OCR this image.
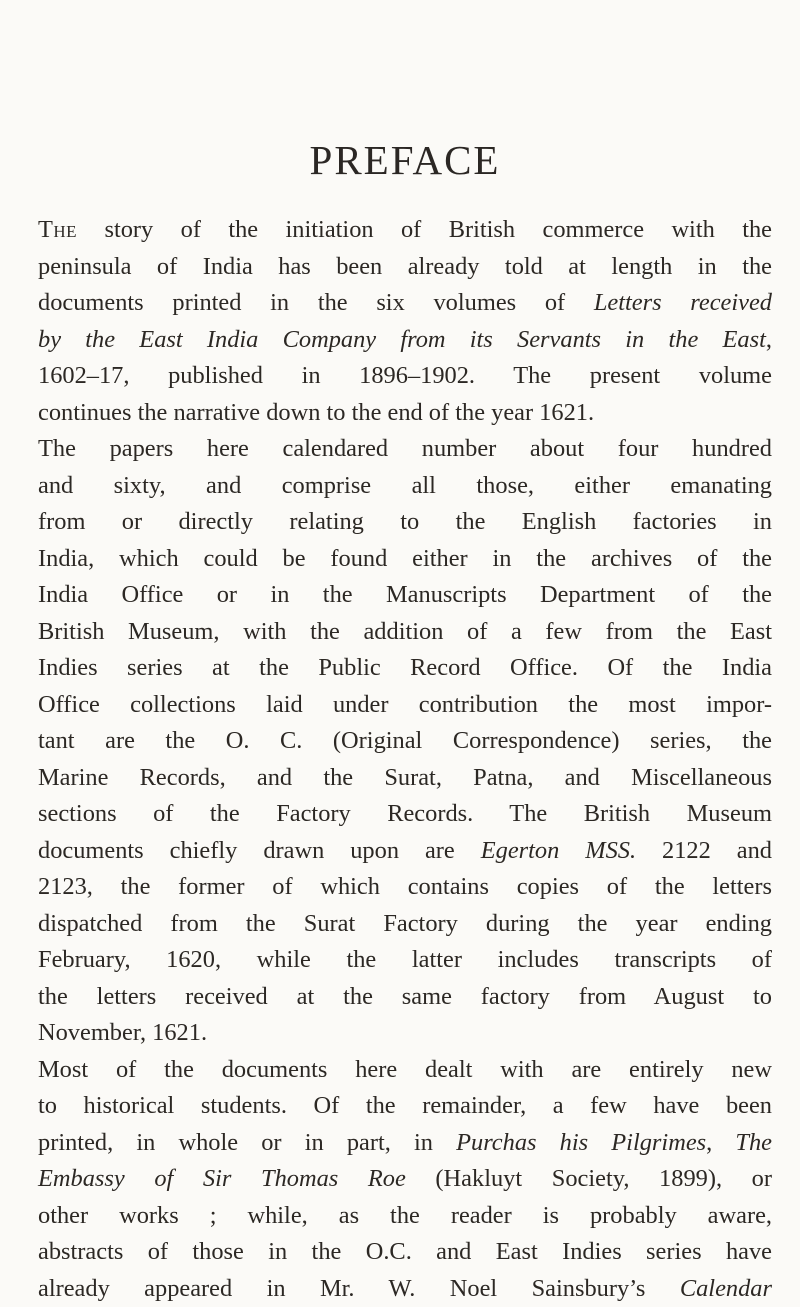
PREFACE
The story of the initiation of British commerce with the
peninsula of India has been already told at length in the
documents printed in the six volumes of Letters received
by the East India Company from its Servants in the East,
1602–17, published in 1896–1902. The present volume
continues the narrative down to the end of the year 1621.
The papers here calendared number about four hundred
and sixty, and comprise all those, either emanating
from or directly relating to the English factories in
India, which could be found either in the archives of the
India Office or in the Manuscripts Department of the
British Museum, with the addition of a few from the East
Indies series at the Public Record Office. Of the India
Office collections laid under contribution the most impor-
tant are the O. C. (Original Correspondence) series, the
Marine Records, and the Surat, Patna, and Miscellaneous
sections of the Factory Records. The British Museum
documents chiefly drawn upon are Egerton MSS. 2122 and
2123, the former of which contains copies of the letters
dispatched from the Surat Factory during the year ending
February, 1620, while the latter includes transcripts of
the letters received at the same factory from August to
November, 1621.
Most of the documents here dealt with are entirely new
to historical students. Of the remainder, a few have been
printed, in whole or in part, in Purchas his Pilgrimes, The
Embassy of Sir Thomas Roe (Hakluyt Society, 1899), or
other works ; while, as the reader is probably aware,
abstracts of those in the O.C. and East Indies series have
already appeared in Mr. W. Noel Sainsbury’s Calendar
